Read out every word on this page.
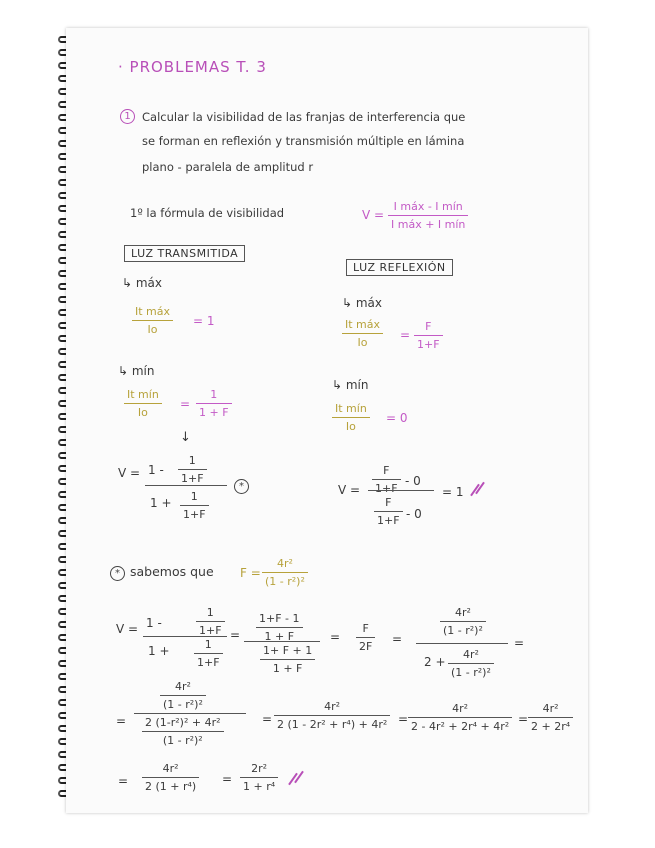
· PROBLEMAS T. 3
1 Calcular la visibilidad de las franjas de interferencia que
se forman en reflexión y transmisión múltiple en lámina
plano - paralela de amplitud r
1º la fórmula de visibilidad	V =
I máx - I mín
I máx + I mín
LUZ TRANSMITIDA
↳ máx
It máx
Io
= 1
↳ mín
It mín
Io
=
1
1 + F
↓
V = 1 -
1
1+F
1 + 1
1+F
*
LUZ REFLEXIÓN
↳ máx
It máx
Io
=
F
1+F
↳ mín
It mín
Io
= 0
V =
F
1+F
- 0
F
1+F - 0
= 1
* sabemos que F =
4r²
(1 - r²)²
V = 1 -
1
1+F
1 +	1
1+F
=
1+F - 1
1 + F
1+ F + 1
1 + F
=
F
2F
=
4r²
(1 - r²)²
2 +
4r²
(1 - r²)²
=
=
4r²
(1 - r²)²
2 (1-r²)² + 4r²
(1 - r²)²
=
4r²
2 (1 - 2r² + r⁴) + 4r² =
4r²
2 - 4r² + 2r⁴ + 4r²
=
4r²
2 + 2r⁴
=
4r²
2 (1 + r⁴)
=
2r²
1 + r⁴
